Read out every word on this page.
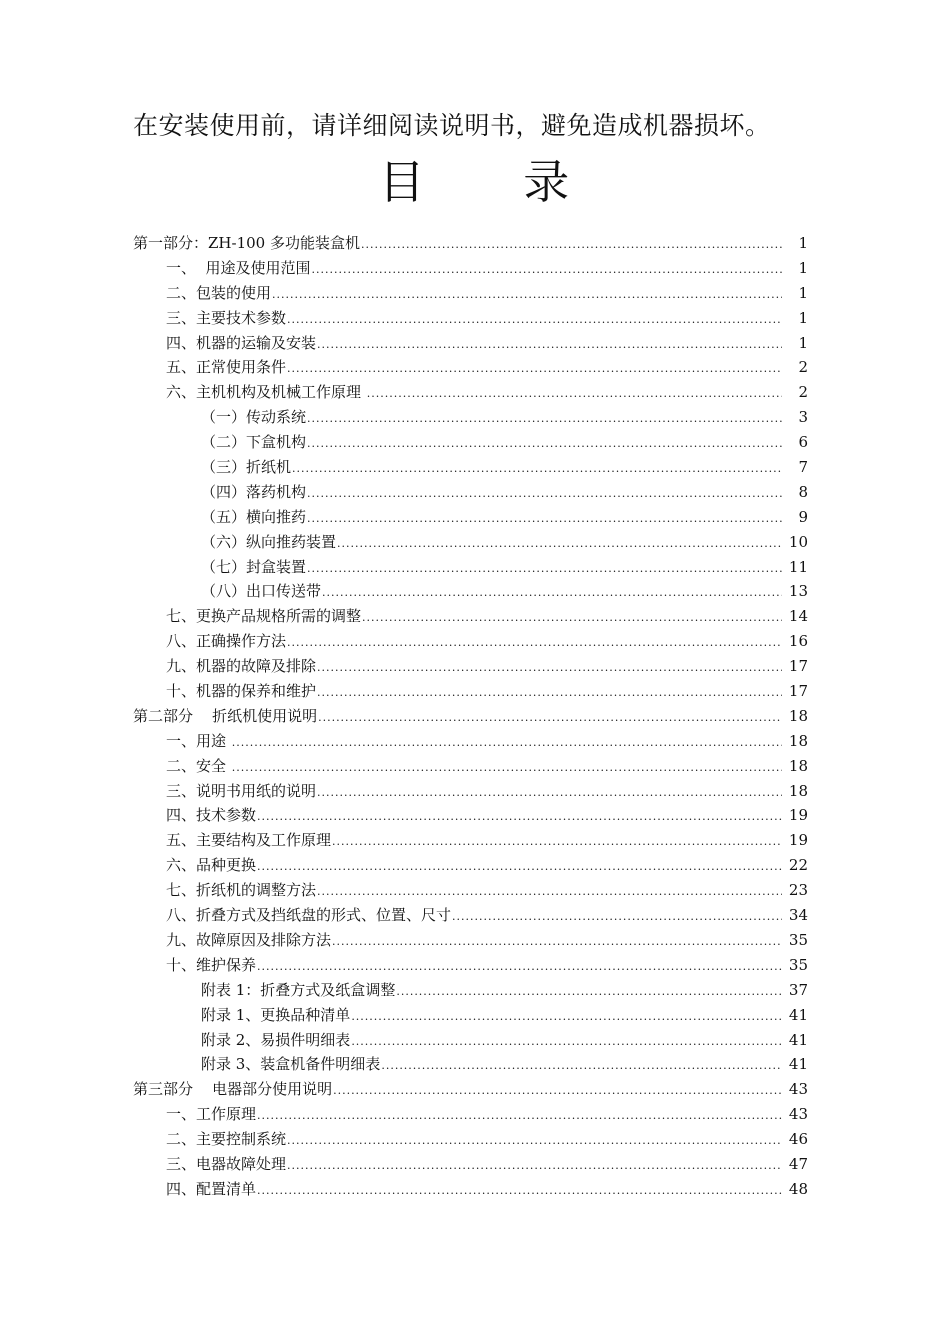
在安装使用前，请详细阅读说明书，避免造成机器损坏。
目 录
第一部分：ZH-100 多功能装盒机 .....	1
一、  用途及使用范围 .....	1
二、包装的使用 .....	1
三、主要技术参数 .....	1
四、机器的运输及安装 .....	1
五、正常使用条件 .....	2
六、主机机构及机械工作原理 .....	2
（一）传动系统 .....	3
（二）下盒机构 .....	6
（三）折纸机 .....	7
（四）落药机构 .....	8
（五）横向推药 .....	9
（六）纵向推药装置 .....	10
（七）封盒装置 .....	11
（八）出口传送带 .....	13
七、更换产品规格所需的调整 .....	14
八、正确操作方法 .....	16
九、机器的故障及排除 .....	17
十、机器的保养和维护 .....	17
第二部分    折纸机使用说明 .....	18
一、用途 .....	18
二、安全 .....	18
三、说明书用纸的说明 .....	18
四、技术参数 .....	19
五、主要结构及工作原理 .....	19
六、品种更换 .....	22
七、折纸机的调整方法 .....	23
八、折叠方式及挡纸盘的形式、位置、尺寸 .....	34
九、故障原因及排除方法 .....	35
十、维护保养 .....	35
附表 1：折叠方式及纸盒调整 .....	37
附录 1、更换品种清单 .....	41
附录 2、易损件明细表 .....	41
附录 3、装盒机备件明细表 .....	41
第三部分    电器部分使用说明 .....	43
一、工作原理 .....	43
二、主要控制系统 .....	46
三、电器故障处理 .....	47
四、配置清单 .....	48
